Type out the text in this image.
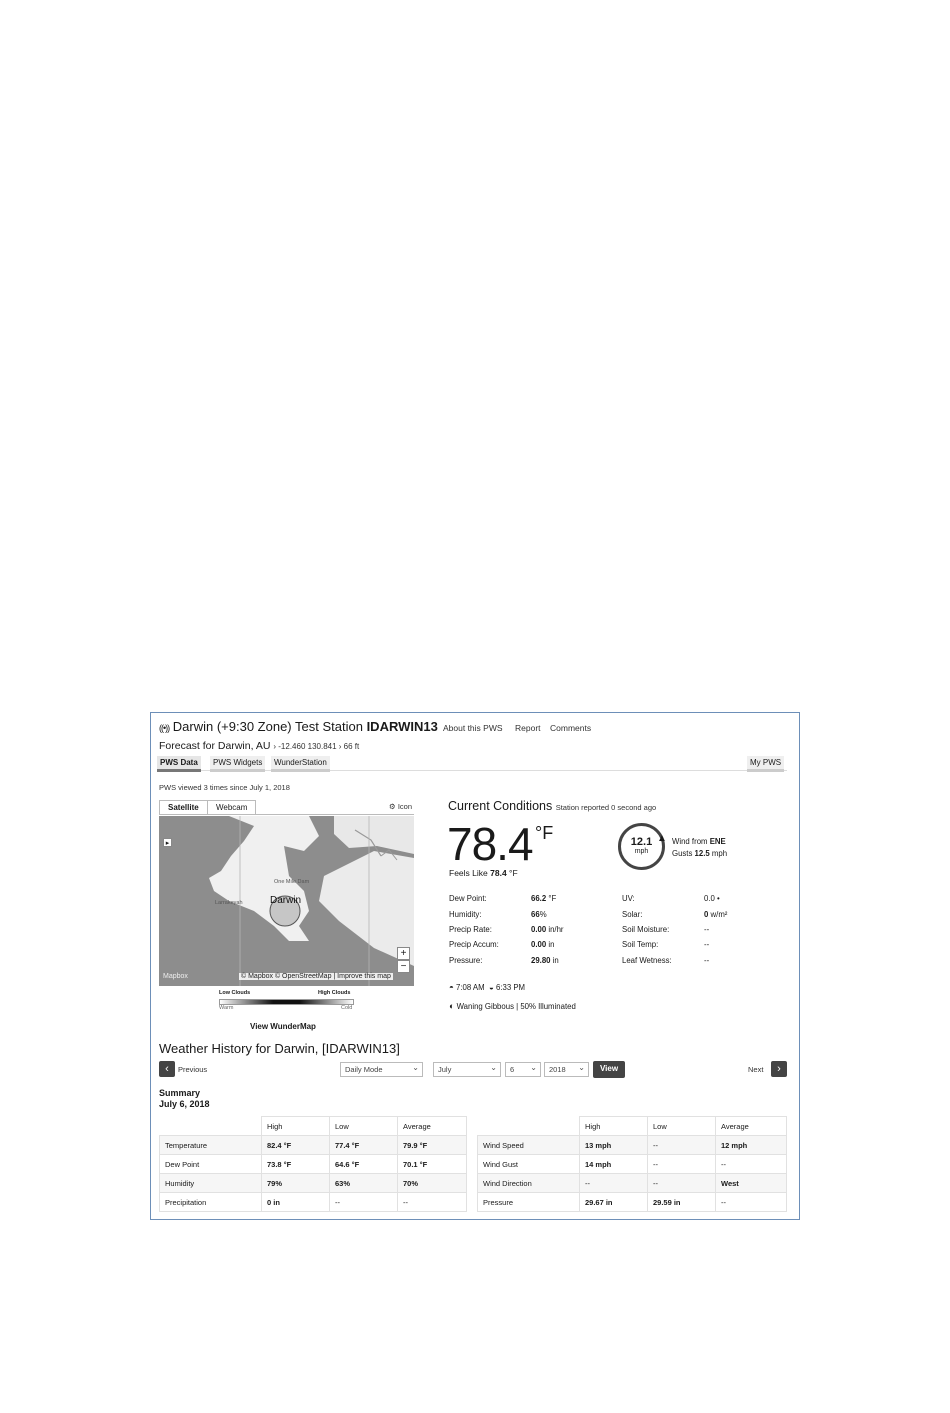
((•)) Darwin (+9:30 Zone) Test Station IDARWIN13 About this PWS Report Comments
Forecast for Darwin, AU › -12.460 130.841 › 66 ft
PWS Data	PWS Widgets	WunderStation	My PWS
PWS viewed 3 times since July 1, 2018
Satellite	Webcam	⚙ Icon
Darwin
One Mile Dam
Larrakeyah
▸
+
−
Mapbox	© Mapbox © OpenStreetMap | Improve this map
Low Clouds	High Clouds
Warm	Cold
View WunderMap
Current Conditions Station reported 0 second ago
78.4 °F
Feels Like 78.4 °F
12.1
mph
▲ Wind from ENE
Gusts 12.5 mph
Dew Point:	66.2 °F
Humidity:	66%
Precip Rate:	0.00 in/hr
Precip Accum:	0.00 in
Pressure:	29.80 in
UV:	0.0 •
Solar:	0 w/m²
Soil Moisture:	--
Soil Temp:	--
Leaf Wetness:	--
◓ 7:08 AM ◒ 6:33 PM
◐ Waning Gibbous | 50% Illuminated
Weather History for Darwin, [IDARWIN13]
‹	Previous	Daily Mode	⌄	July	⌄	6 ⌄	2018 ⌄	View	Next	›
Summary
July 6, 2018
	High	Low	Average
Temperature	82.4 °F	77.4 °F	79.9 °F
Dew Point	73.8 °F	64.6 °F	70.1 °F
Humidity	79%	63%	70%
Precipitation	0 in	--	--
	High	Low	Average
Wind Speed	13 mph	--	12 mph
Wind Gust	14 mph	--	--
Wind Direction	--	--	West
Pressure	29.67 in	29.59 in	--
